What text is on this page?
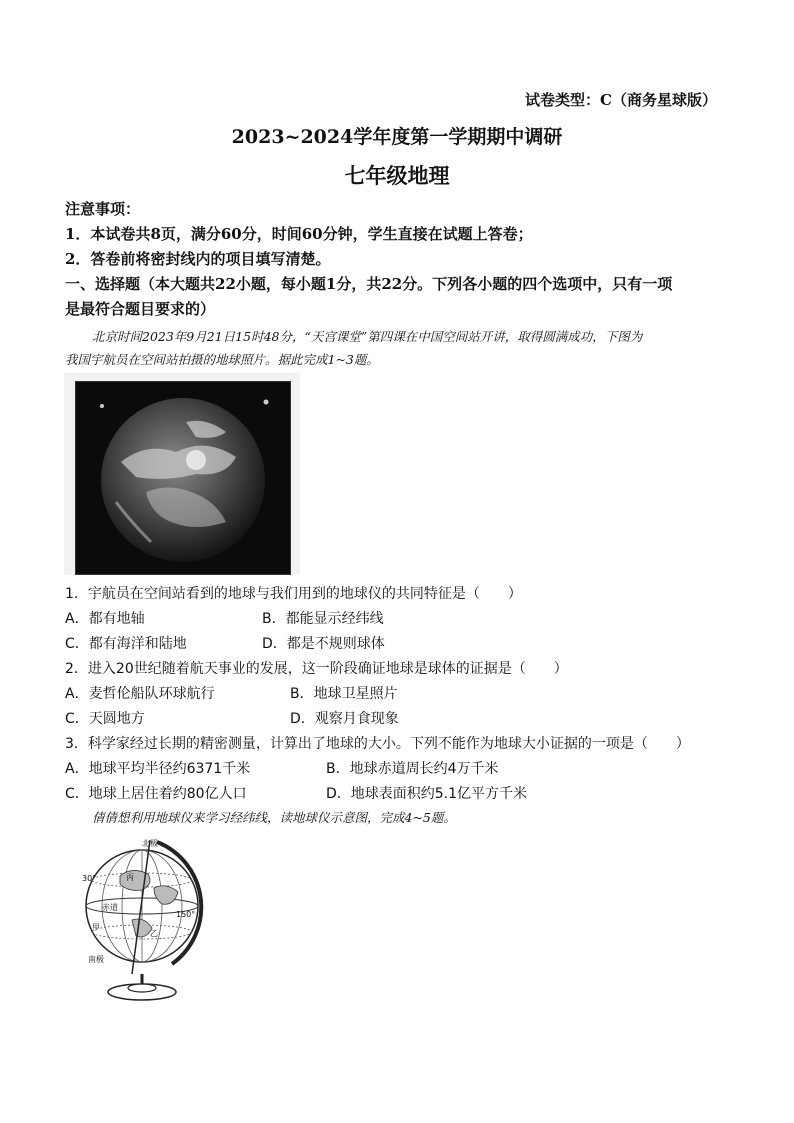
试卷类型：C（商务星球版）
2023~2024学年度第一学期期中调研
七年级地理
注意事项：
1．本试卷共8页，满分60分，时间60分钟，学生直接在试题上答卷；
2．答卷前将密封线内的项目填写清楚。
一、选择题（本大题共22小题，每小题1分，共22分。下列各小题的四个选项中，只有一项
是最符合题目要求的）
北京时间2023年9月21日15时48分，“天宫课堂”第四课在中国空间站开讲，取得圆满成功，下图为
我国宇航员在空间站拍摄的地球照片。据此完成1~3题。
1．宇航员在空间站看到的地球与我们用到的地球仪的共同特征是（　　）
A．都有地轴	B．都能显示经纬线
C．都有海洋和陆地	D．都是不规则球体
2．进入20世纪随着航天事业的发展，这一阶段确证地球是球体的证据是（　　）
A．麦哲伦船队环球航行	B．地球卫星照片
C．天圆地方	D．观察月食现象
3．科学家经过长期的精密测量，计算出了地球的大小。下列不能作为地球大小证据的一项是（　　）
A．地球平均半径约6371千米	B．地球赤道周长约4万千米
C．地球上居住着约80亿人口	D．地球表面积约5.1亿平方千米
倩倩想利用地球仪来学习经纬线，读地球仪示意图，完成4~5题。
北极
南极
赤道
30°
150°
甲
乙
丙
